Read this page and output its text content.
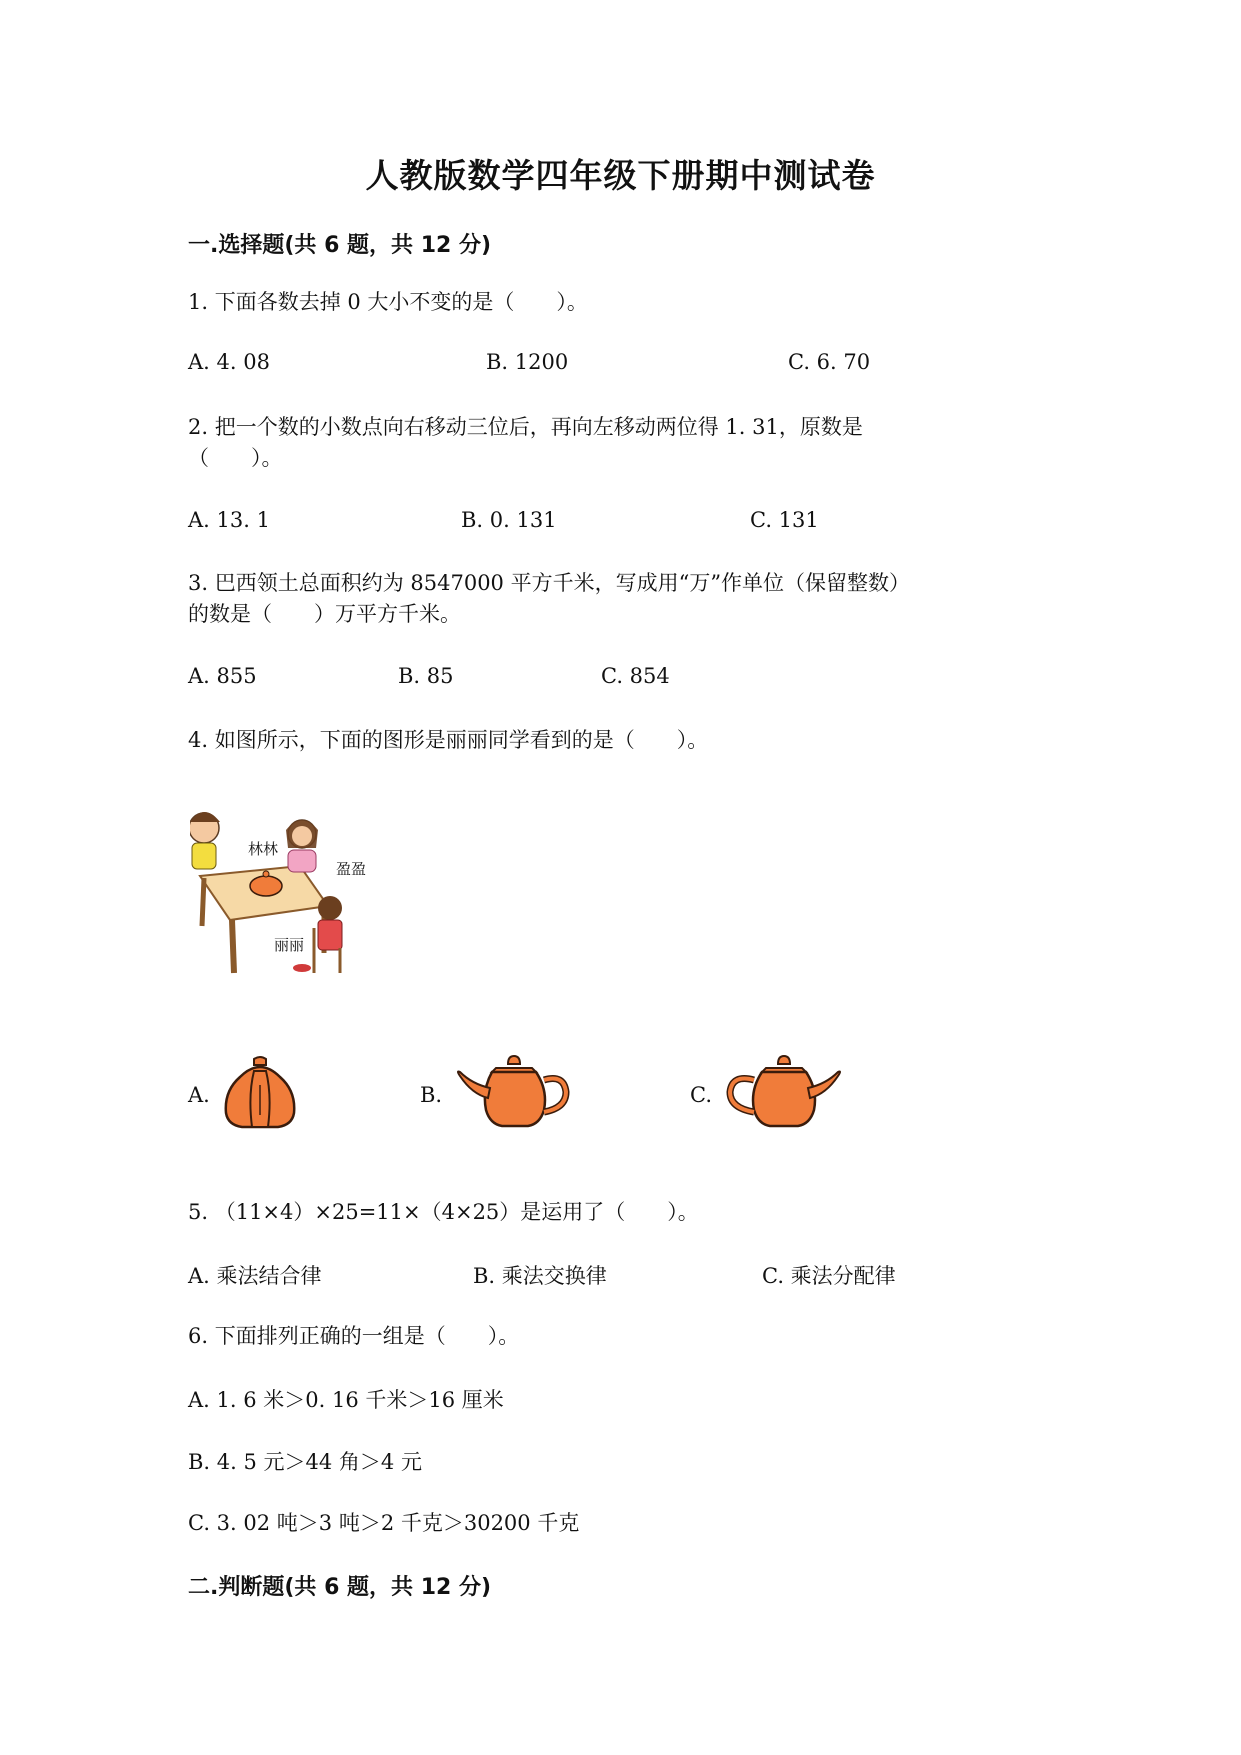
人教版数学四年级下册期中测试卷
一.选择题(共 6 题，共 12 分)
1. 下面各数去掉 0 大小不变的是（　　）。
A. 4. 08	B. 1200	C. 6. 70
2. 把一个数的小数点向右移动三位后，再向左移动两位得 1. 31，原数是
（　　）。
A. 13. 1	B. 0. 131	C. 131
3. 巴西领土总面积约为 8547000 平方千米，写成用“万”作单位（保留整数）
的数是（　　）万平方千米。
A. 855	B. 85	C. 854
4. 如图所示，下面的图形是丽丽同学看到的是（　　）。
林林
盈盈
丽丽
A.	B.	C.
5. （11×4）×25=11×（4×25）是运用了（　　）。
A. 乘法结合律	B. 乘法交换律	C. 乘法分配律
6. 下面排列正确的一组是（　　）。
A. 1. 6 米＞0. 16 千米＞16 厘米
B. 4. 5 元＞44 角＞4 元
C. 3. 02 吨＞3 吨＞2 千克＞30200 千克
二.判断题(共 6 题，共 12 分)
